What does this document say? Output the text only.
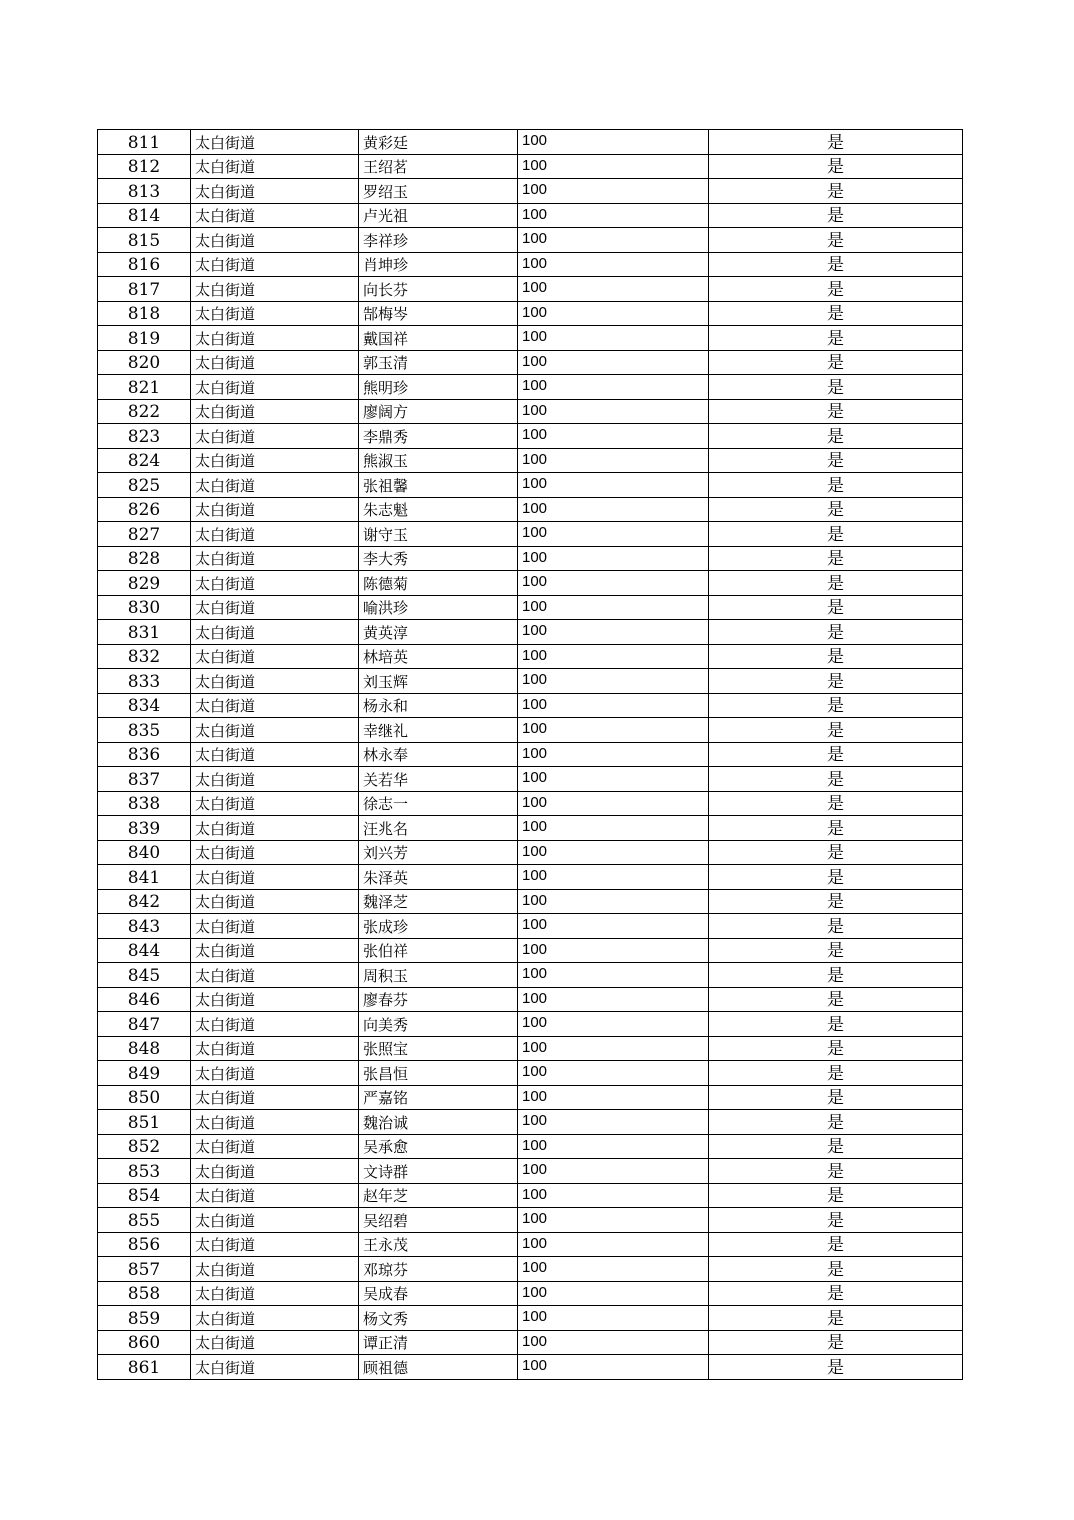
811	太白街道	黄彩廷	100	是
812	太白街道	王绍茗	100	是
813	太白街道	罗绍玉	100	是
814	太白街道	卢光祖	100	是
815	太白街道	李祥珍	100	是
816	太白街道	肖坤珍	100	是
817	太白街道	向长芬	100	是
818	太白街道	郜梅岑	100	是
819	太白街道	戴国祥	100	是
820	太白街道	郭玉清	100	是
821	太白街道	熊明珍	100	是
822	太白街道	廖阔方	100	是
823	太白街道	李鼎秀	100	是
824	太白街道	熊淑玉	100	是
825	太白街道	张祖馨	100	是
826	太白街道	朱志魁	100	是
827	太白街道	谢守玉	100	是
828	太白街道	李大秀	100	是
829	太白街道	陈德菊	100	是
830	太白街道	喻洪珍	100	是
831	太白街道	黄英淳	100	是
832	太白街道	林培英	100	是
833	太白街道	刘玉辉	100	是
834	太白街道	杨永和	100	是
835	太白街道	幸继礼	100	是
836	太白街道	林永奉	100	是
837	太白街道	关若华	100	是
838	太白街道	徐志一	100	是
839	太白街道	汪兆名	100	是
840	太白街道	刘兴芳	100	是
841	太白街道	朱泽英	100	是
842	太白街道	魏泽芝	100	是
843	太白街道	张成珍	100	是
844	太白街道	张伯祥	100	是
845	太白街道	周积玉	100	是
846	太白街道	廖春芬	100	是
847	太白街道	向美秀	100	是
848	太白街道	张照宝	100	是
849	太白街道	张昌恒	100	是
850	太白街道	严嘉铭	100	是
851	太白街道	魏治诚	100	是
852	太白街道	吴承愈	100	是
853	太白街道	文诗群	100	是
854	太白街道	赵年芝	100	是
855	太白街道	吴绍碧	100	是
856	太白街道	王永茂	100	是
857	太白街道	邓琼芬	100	是
858	太白街道	吴成春	100	是
859	太白街道	杨文秀	100	是
860	太白街道	谭正清	100	是
861	太白街道	顾祖德	100	是
